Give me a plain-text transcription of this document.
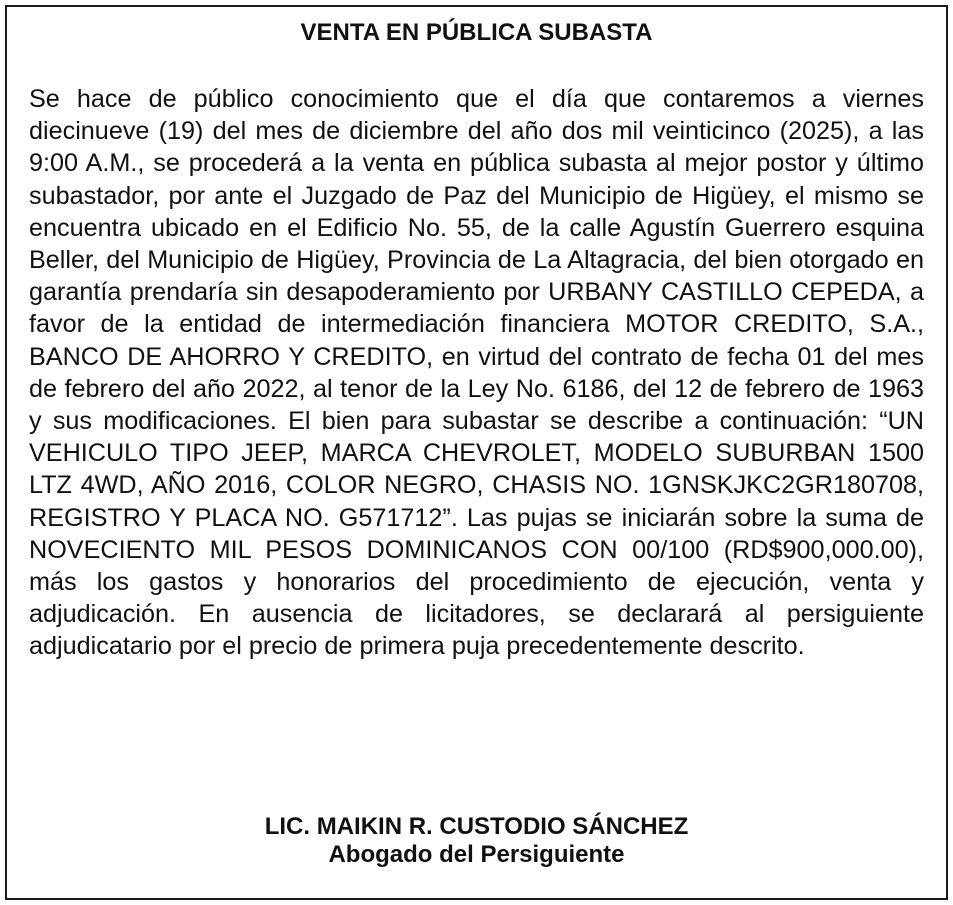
VENTA EN PÚBLICA SUBASTA
Se hace de público conocimiento que el día que contaremos a viernes diecinueve (19) del mes de diciembre del año dos mil veinticinco (2025), a las 9:00 A.M., se procederá a la venta en pública subasta al mejor postor y último subastador, por ante el Juzgado de Paz del Municipio de Higüey, el mismo se encuentra ubicado en el Edificio No. 55, de la calle Agustín Guerrero esquina Beller, del Municipio de Higüey, Provincia de La Altagracia, del bien otorgado en garantía prendaría sin desapoderamiento por URBANY CASTILLO CEPEDA, a favor de la entidad de intermediación financiera MOTOR CREDITO, S.A., BANCO DE AHORRO Y CREDITO, en virtud del contrato de fecha 01 del mes de febrero del año 2022, al tenor de la Ley No. 6186, del 12 de febrero de 1963 y sus modificaciones. El bien para subastar se describe a continuación: “UN VEHICULO TIPO JEEP, MARCA CHEVROLET, MODELO SUBURBAN 1500 LTZ 4WD, AÑO 2016, COLOR NEGRO, CHASIS NO. 1GNSKJKC2GR180708, REGISTRO Y PLACA NO. G571712”. Las pujas se iniciarán sobre la suma de NOVECIENTO MIL PESOS DOMINICANOS CON 00/100 (RD$900,000.00), más los gastos y honorarios del procedimiento de ejecución, venta y adjudicación. En ausencia de licitadores, se declarará al persiguiente adjudicatario por el precio de primera puja precedentemente descrito.
LIC. MAIKIN R. CUSTODIO SÁNCHEZ
Abogado del Persiguiente
